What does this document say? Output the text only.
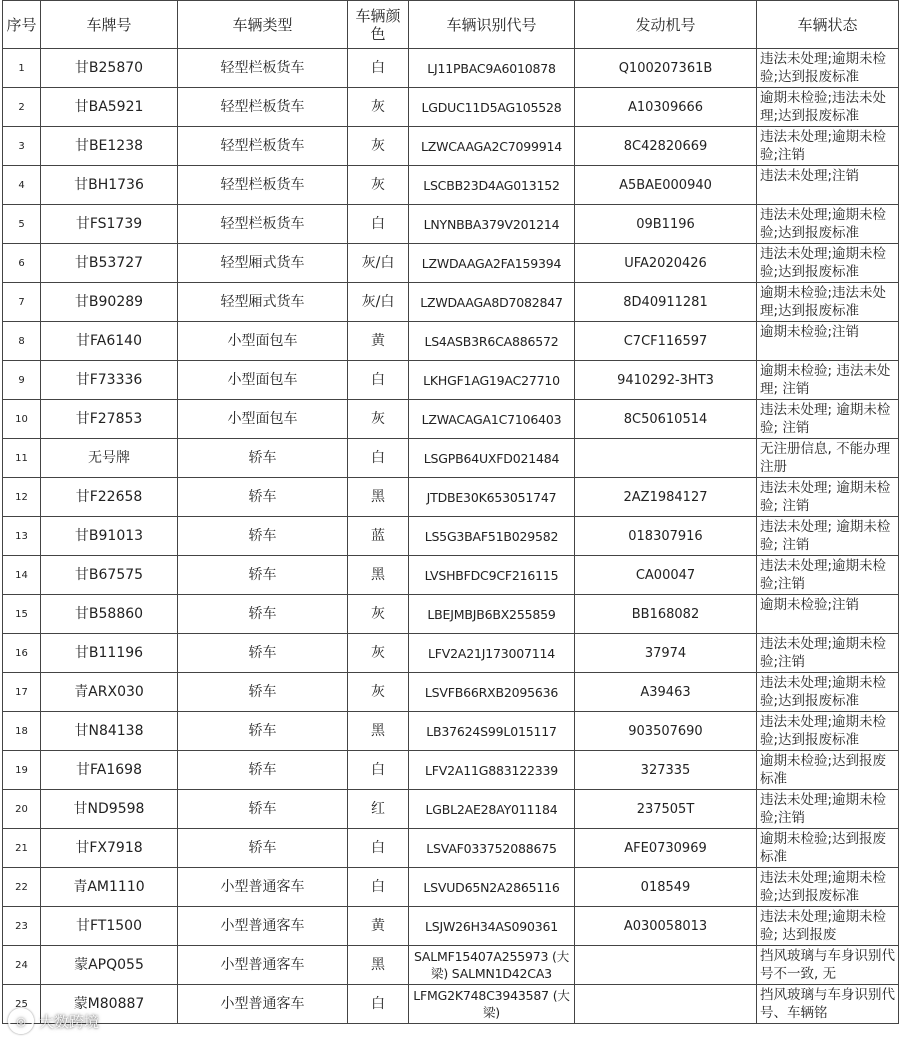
序号	车牌号	车辆类型	车辆颜色	车辆识别代号	发动机号	车辆状态
1	甘B25870	轻型栏板货车	白	LJ11PBAC9A6010878	Q100207361B	违法未处理;逾期未检验;达到报废标准

2	甘BA5921	轻型栏板货车	灰	LGDUC11D5AG105528	A10309666	逾期未检验;违法未处理;达到报废标准

3	甘BE1238	轻型栏板货车	灰	LZWCAAGA2C7099914	8C42820669	违法未处理;逾期未检验;注销

4	甘BH1736	轻型栏板货车	灰	LSCBB23D4AG013152	A5BAE000940	违法未处理;注销

5	甘FS1739	轻型栏板货车	白	LNYNBBA379V201214	09B1196	违法未处理;逾期未检验;达到报废标准

6	甘B53727	轻型厢式货车	灰/白	LZWDAAGA2FA159394	UFA2020426	违法未处理;逾期未检验;达到报废标准

7	甘B90289	轻型厢式货车	灰/白	LZWDAAGA8D7082847	8D40911281	逾期未检验;违法未处理;达到报废标准

8	甘FA6140	小型面包车	黄	LS4ASB3R6CA886572	C7CF116597	逾期未检验;注销

9	甘F73336	小型面包车	白	LKHGF1AG19AC27710	9410292-3HT3	逾期未检验; 违法未处理; 注销

10	甘F27853	小型面包车	灰	LZWACAGA1C7106403	8C50610514	违法未处理; 逾期未检验; 注销

11	无号牌	轿车	白	LSGPB64UXFD021484		无注册信息, 不能办理注册

12	甘F22658	轿车	黑	JTDBE30K653051747	2AZ1984127	违法未处理; 逾期未检验; 注销

13	甘B91013	轿车	蓝	LS5G3BAF51B029582	018307916	违法未处理; 逾期未检验; 注销

14	甘B67575	轿车	黑	LVSHBFDC9CF216115	CA00047	违法未处理;逾期未检验;注销

15	甘B58860	轿车	灰	LBEJMBJB6BX255859	BB168082	逾期未检验;注销

16	甘B11196	轿车	灰	LFV2A21J173007114	37974	违法未处理;逾期未检验;注销

17	青ARX030	轿车	灰	LSVFB66RXB2095636	A39463	违法未处理;逾期未检验;达到报废标准

18	甘N84138	轿车	黑	LB37624S99L015117	903507690	违法未处理;逾期未检验;达到报废标准

19	甘FA1698	轿车	白	LFV2A11G883122339	327335	逾期未检验;达到报废标准

20	甘ND9598	轿车	红	LGBL2AE28AY011184	237505T	违法未处理;逾期未检验;注销

21	甘FX7918	轿车	白	LSVAF033752088675	AFE0730969	逾期未检验;达到报废标准

22	青AM1110	小型普通客车	白	LSVUD65N2A2865116	018549	违法未处理;逾期未检验;达到报废标准

23	甘FT1500	小型普通客车	黄	LSJW26H34AS090361	A030058013	违法未处理;逾期未检验; 达到报废

24	蒙APQ055	小型普通客车	黑	SALMF15407A255973 (大梁) SALMN1D42CA3		挡风玻璃与车身识别代号不一致, 无

25	蒙M80887	小型普通客车	白	LFMG2K748C3943587 (大梁)		挡风玻璃与车身识别代号、车辆铭
◎ 大数跨境
